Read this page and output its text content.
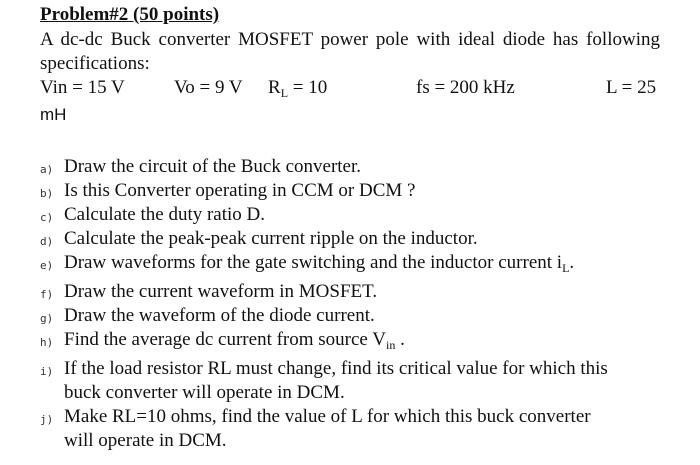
Problem#2 (50 points)

A dc-dc Buck converter MOSFET power pole with ideal diode has following specifications:

Vin = 15 V	Vo = 9 V $R_L = 10$	fs = 200 kHz	L = 25
mH
a) Draw the circuit of the Buck converter.
b) Is this Converter operating in CCM or DCM ?
c) Calculate the duty ratio D.
d) Calculate the peak-peak current ripple on the inductor.
e) Draw waveforms for the gate switching and the inductor current $i_L$.
f) Draw the current waveform in MOSFET.
g) Draw the waveform of the diode current.
h) Find the average dc current from source $V_{in}$ .
i) If the load resistor RL must change, find its critical value for which this
buck converter will operate in DCM.
j) Make RL=10 ohms, find the value of L for which this buck converter
will operate in DCM.
